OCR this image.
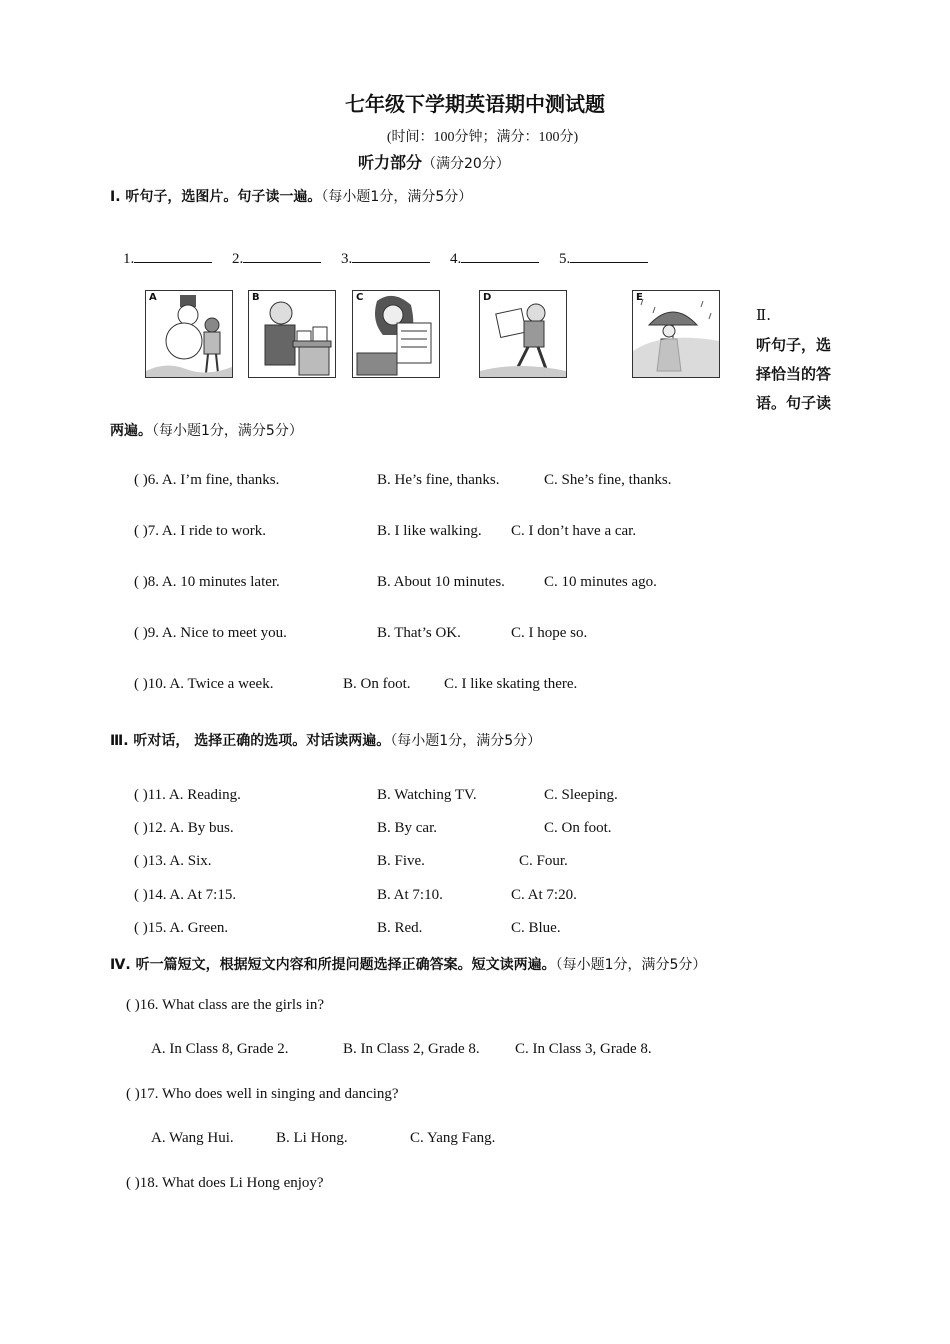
七年级下学期英语期中测试题
(时间：100分钟；满分：100分)
听力部分（满分20分）
Ⅰ. 听句子，选图片。句子读一遍。（每小题1分，满分5分）
1.	2.	3.	4.	5.
A	B	C	D	E
Ⅱ.
听句子，选
择恰当的答
语。句子读
两遍。（每小题1分，满分5分）
( )6. A. I’m fine, thanks.	B. He’s fine, thanks.	C. She’s fine, thanks.
( )7. A. I ride to work.	B. I like walking. C. I don’t have a car.
( )8. A. 10 minutes later.	B. About 10 minutes.	C. 10 minutes ago.
( )9. A. Nice to meet you.	B. That’s OK.	C. I hope so.
( )10. A. Twice a week.	B. On foot. C. I like skating there.
Ⅲ. 听对话， 选择正确的选项。对话读两遍。（每小题1分，满分5分）
( )11. A. Reading.	B. Watching TV.	C. Sleeping.
( )12. A. By bus.	B. By car.	C. On foot.
( )13. A. Six.	B. Five.	C. Four.
( )14. A. At 7:15.	B. At 7:10.	C. At 7:20.
( )15. A. Green.	B. Red.	C. Blue.
Ⅳ. 听一篇短文，根据短文内容和所提问题选择正确答案。短文读两遍。（每小题1分，满分5分）
( )16. What class are the girls in?
A. In Class 8, Grade 2.	B. In Class 2, Grade 8. C. In Class 3, Grade 8.
( )17. Who does well in singing and dancing?
A. Wang Hui.	B. Li Hong.	C. Yang Fang.
( )18. What does Li Hong enjoy?
